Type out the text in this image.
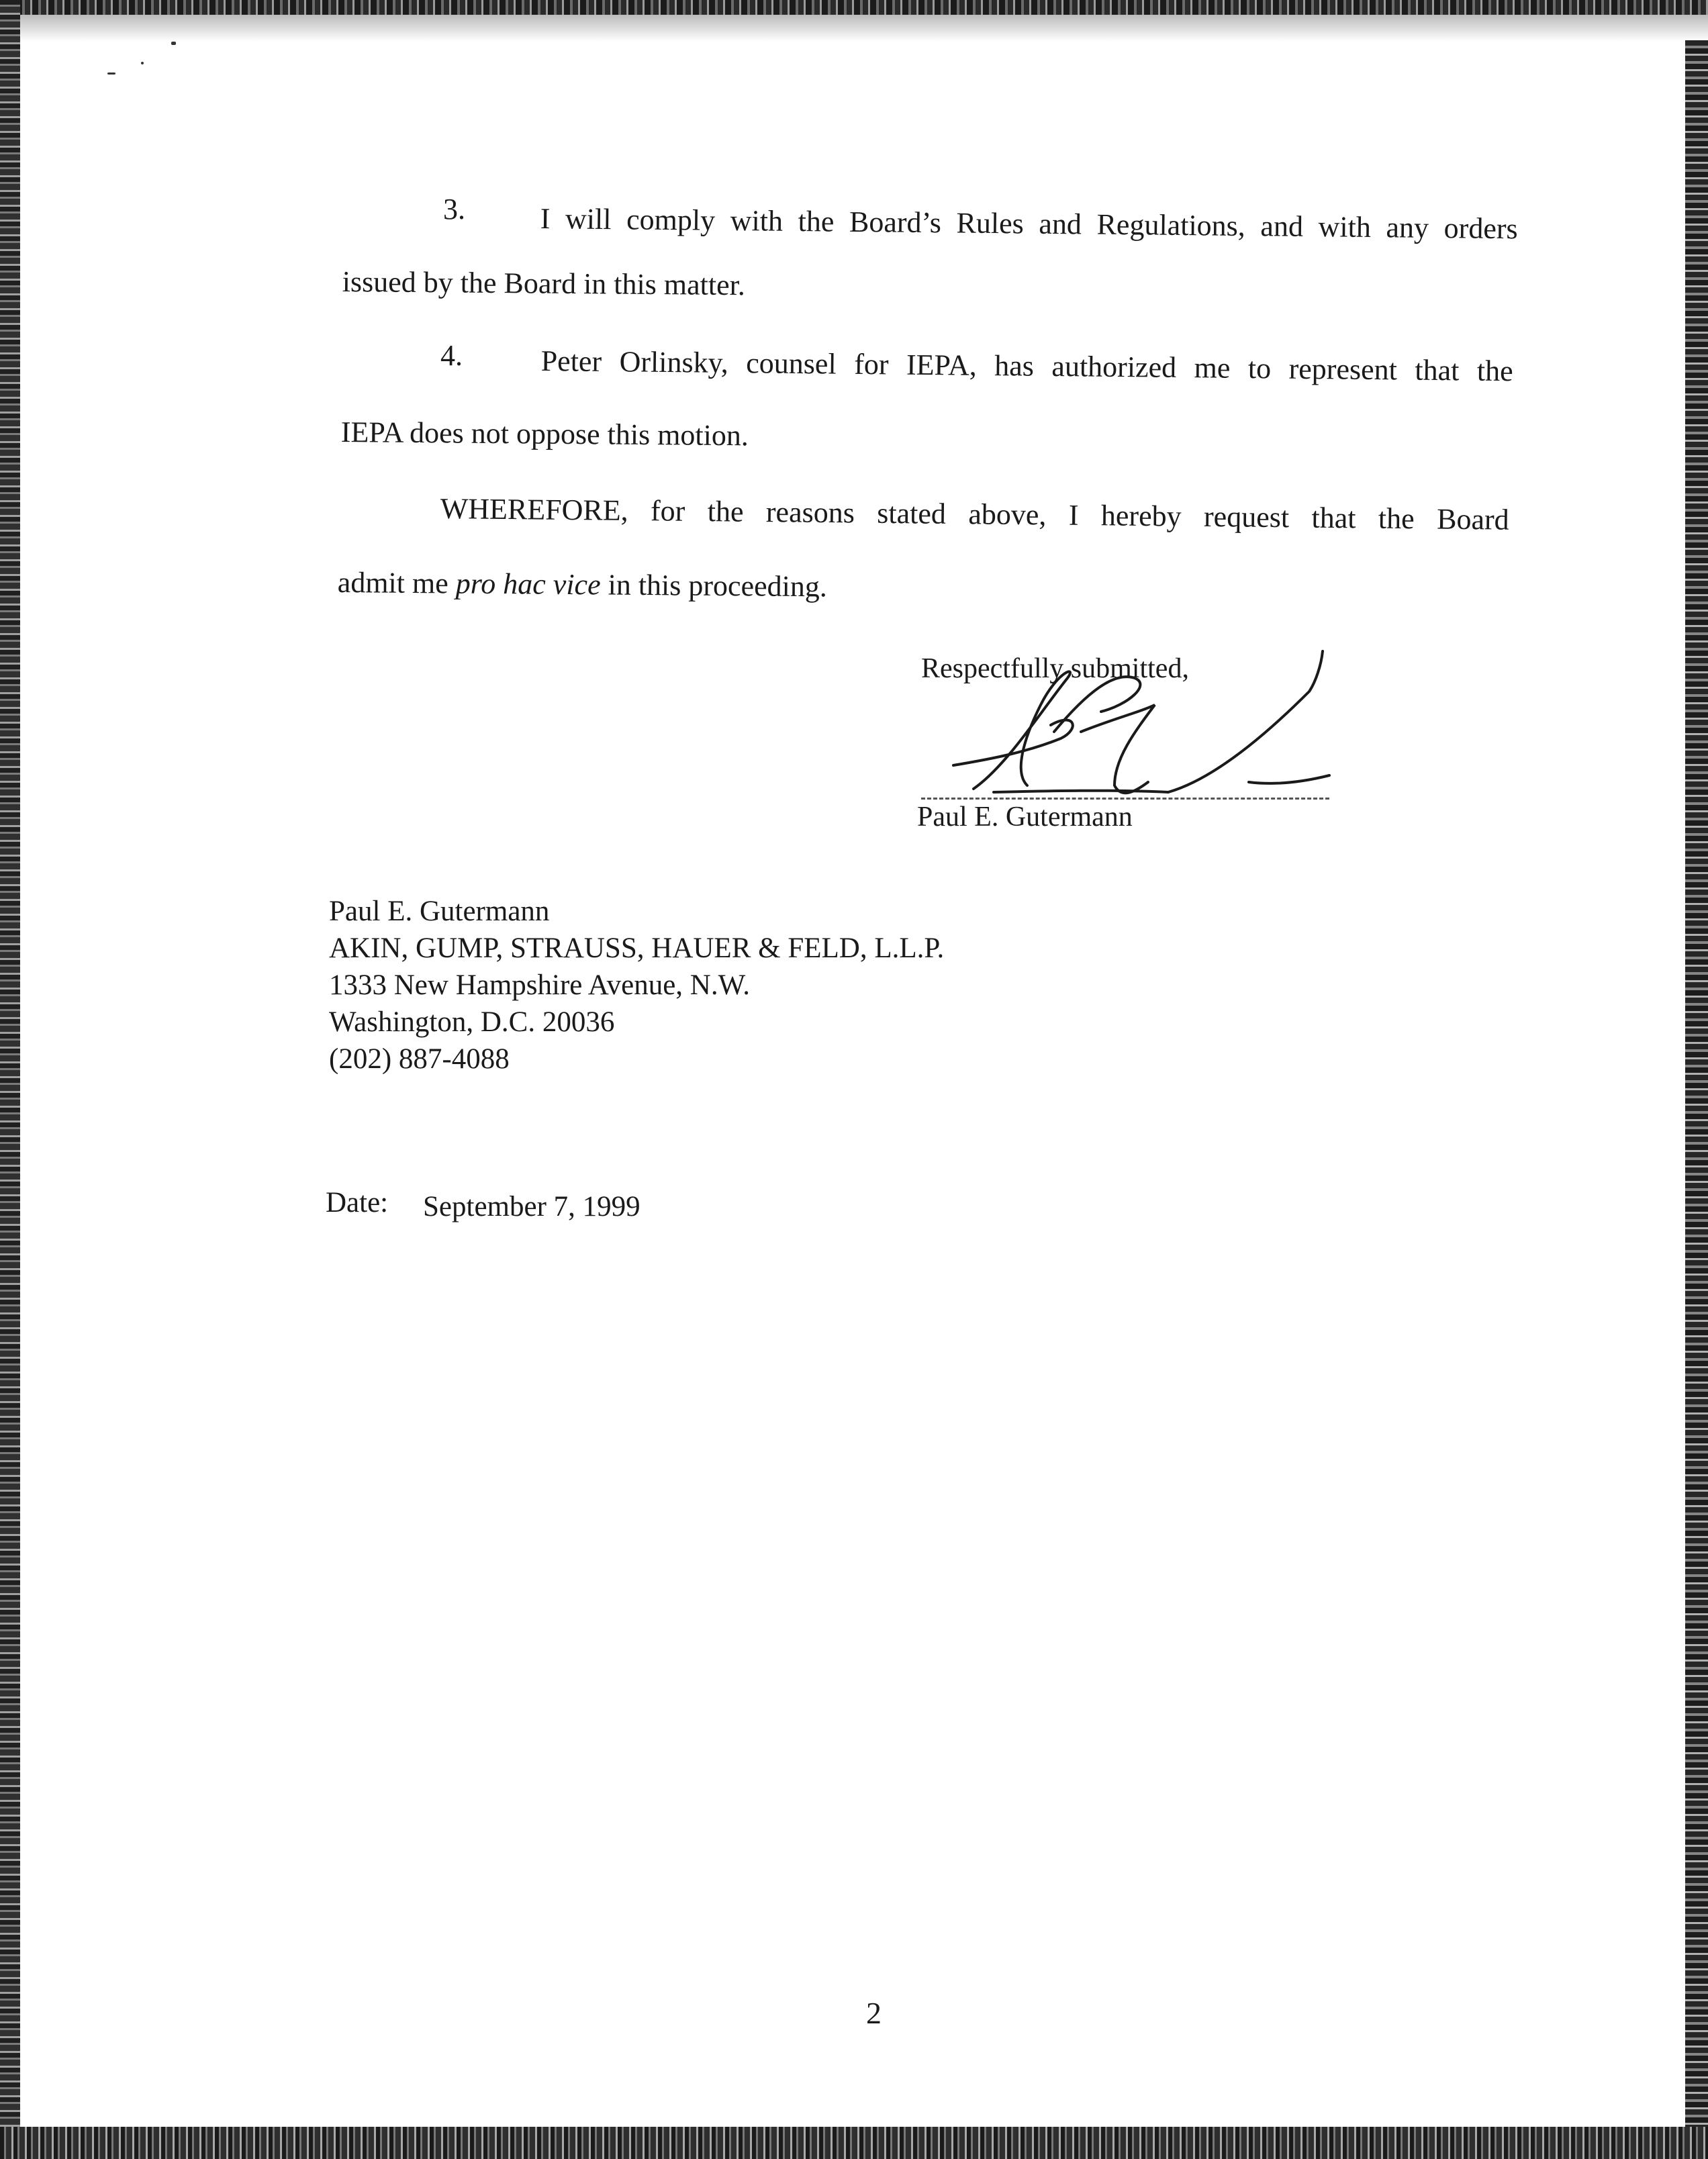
3.	I will comply with the Board’s Rules and Regulations, and with any orders
issued by the Board in this matter.
4.	Peter Orlinsky, counsel for IEPA, has authorized me to represent that the
IEPA does not oppose this motion.
WHEREFORE, for the reasons stated above, I hereby request that the Board
admit me pro hac vice in this proceeding.
Respectfully submitted,
Paul E. Gutermann
Paul E. Gutermann
AKIN, GUMP, STRAUSS, HAUER & FELD, L.L.P.
1333 New Hampshire Avenue, N.W.
Washington, D.C. 20036
(202) 887-4088
Date: September 7, 1999
2
